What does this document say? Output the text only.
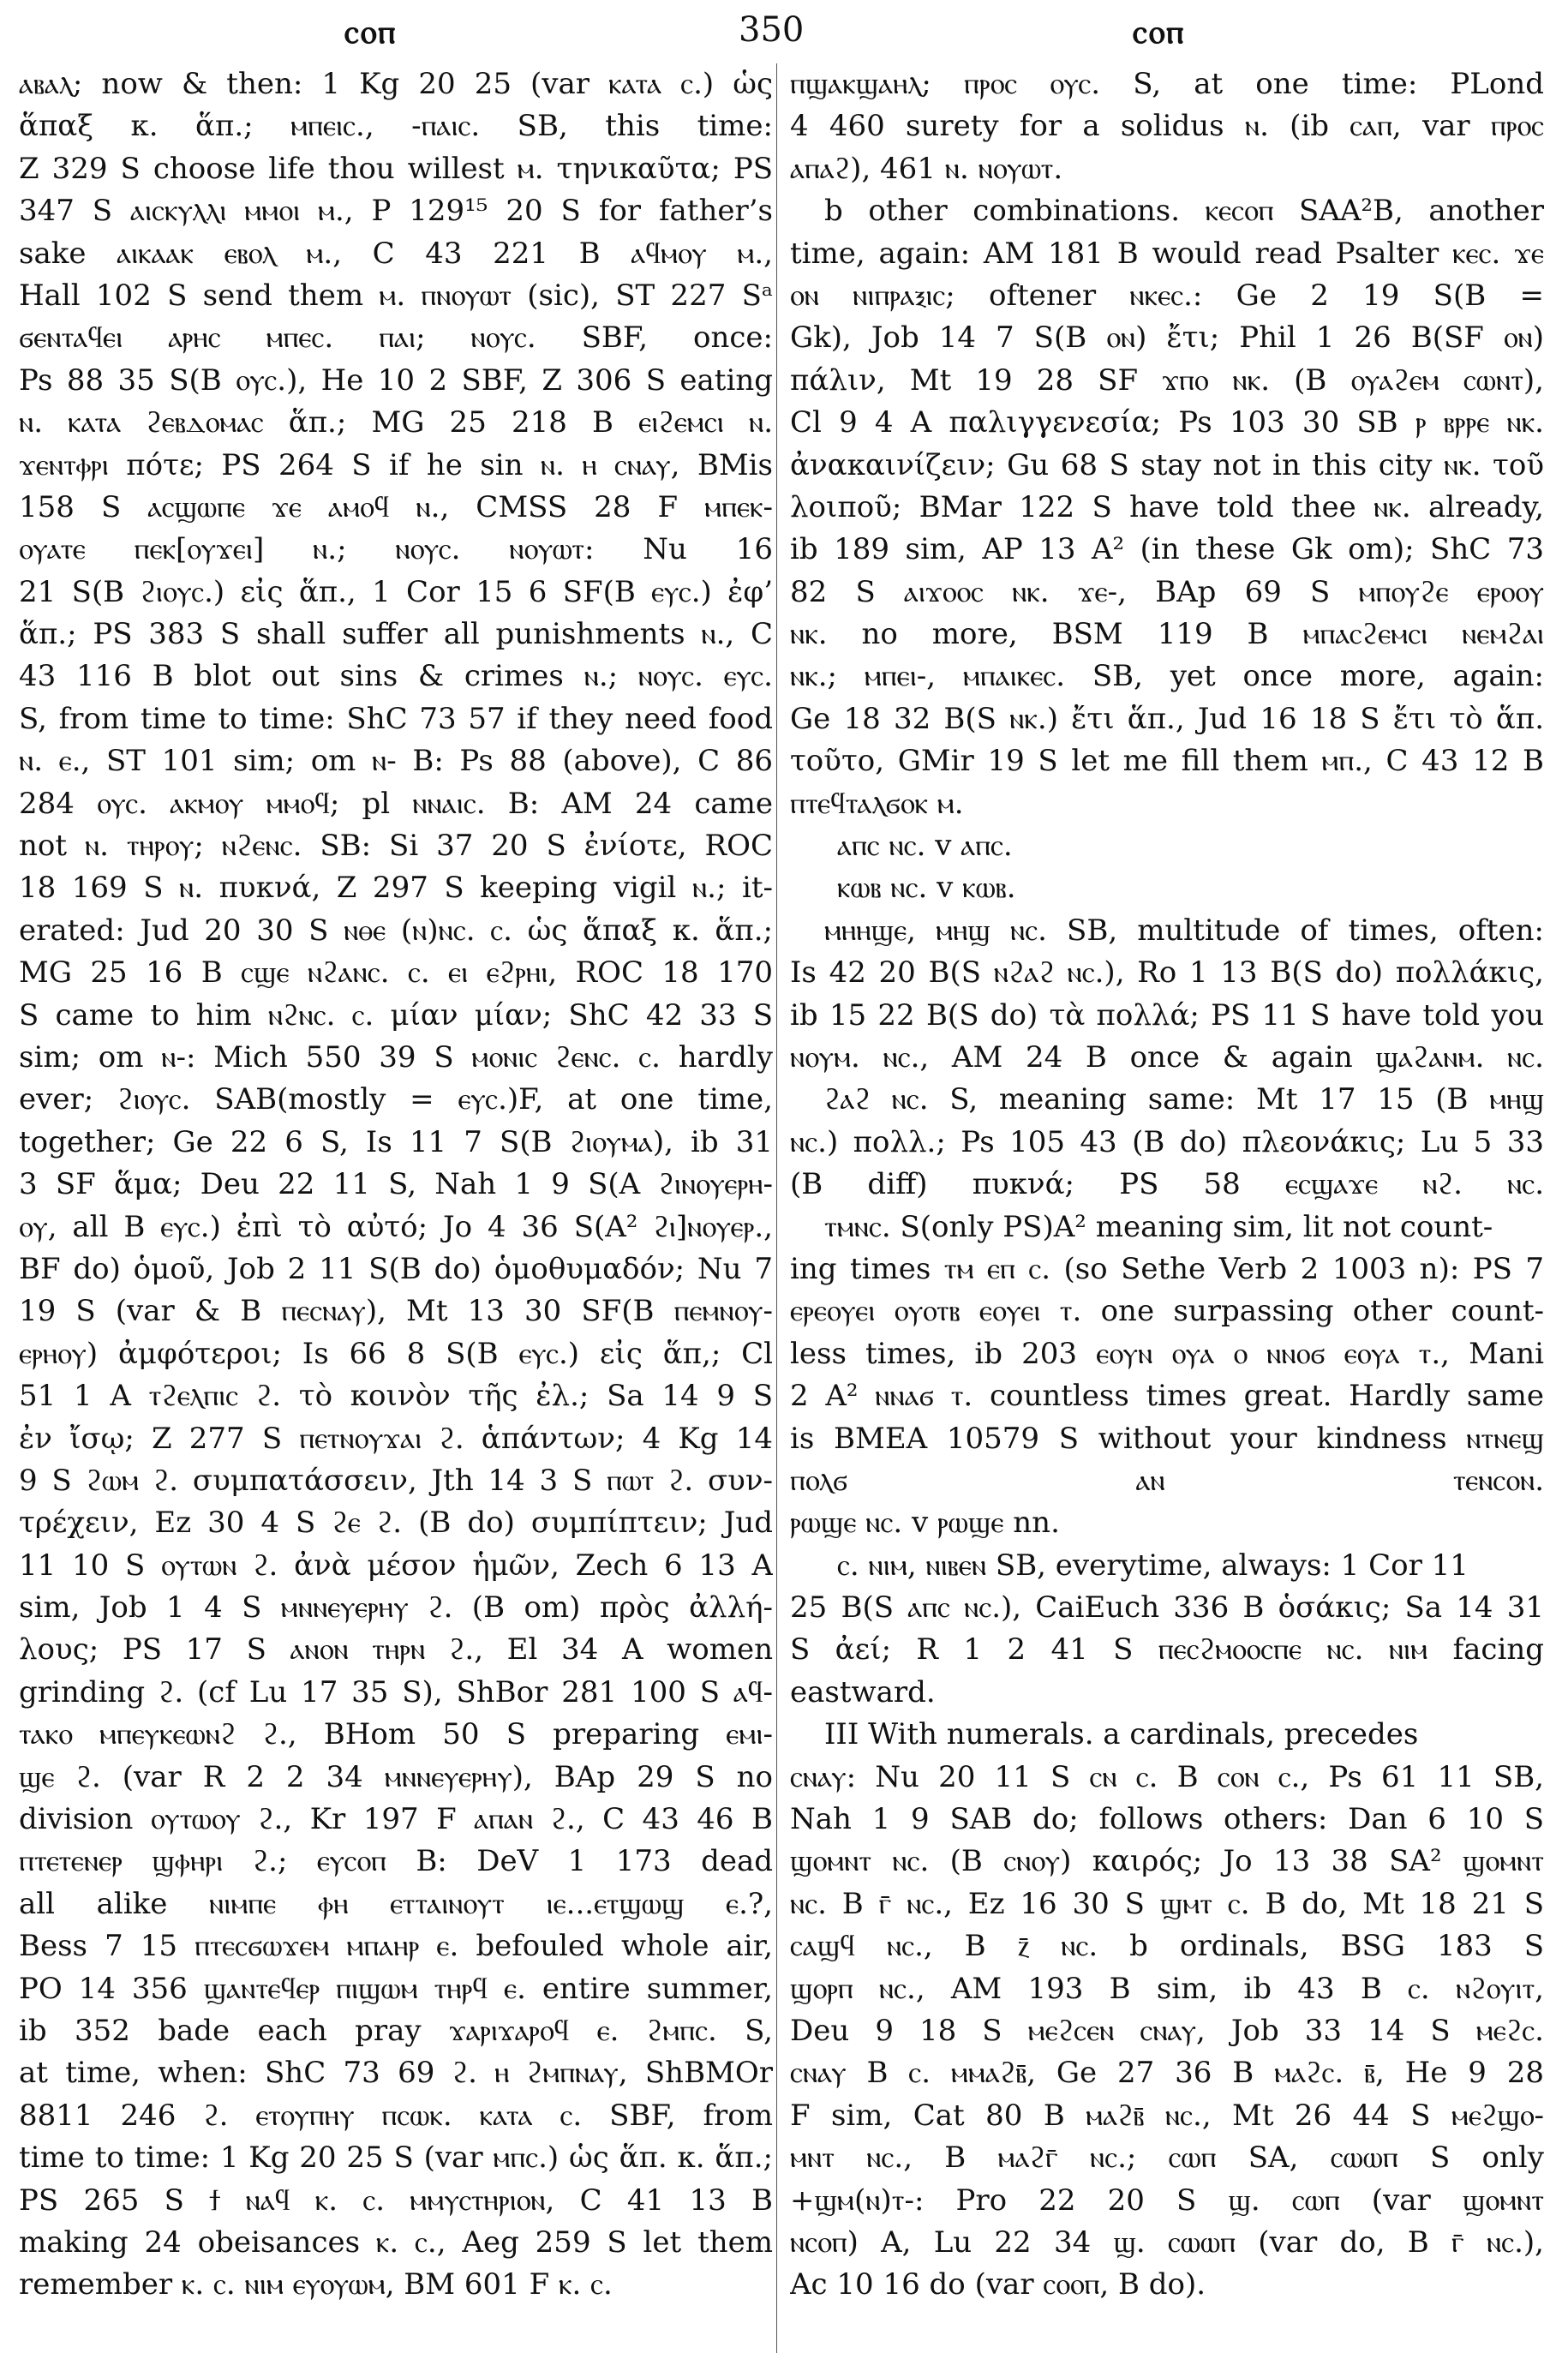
ⲥⲟⲡ	350	ⲥⲟⲡ

ⲁⲃⲁⲗ; now & then: 1 Kg 20 25 (var ⲕⲁⲧⲁ ⲥ.) ὡς

ἅπαξ κ. ἅπ.; ⲙⲡⲉⲓⲥ., -ⲡⲁⲓⲥ. SB, this time:

Z 329 S choose life thou willest ⲙ. τηνικαῦτα; PS

347 S ⲁⲓⲥⲕⲩⲗⲗⲓ ⲙⲙⲟⲓ ⲙ., P 129¹⁵ 20 S for father’s

sake ⲁⲓⲕⲁⲁⲕ ⲉⲃⲟⲗ ⲙ., C 43 221 B ⲁϥⲙⲟⲩ ⲙ.,

Hall 102 S send them ⲙ. ⲡⲛⲟⲩⲱⲧ (sic), ST 227 Sᵃ

ϭⲉⲛⲧⲁϥⲉⲓ ⲁⲣⲏⲥ ⲙⲡⲉⲥ. ⲡⲁⲓ; ⲛⲟⲩⲥ. SBF, once:

Ps 88 35 S(B ⲟⲩⲥ.), He 10 2 SBF, Z 306 S eating

ⲛ. ⲕⲁⲧⲁ ϩⲉⲃⲇⲟⲙⲁⲥ ἅπ.; MG 25 218 B ⲉⲓϩⲉⲙⲥⲓ ⲛ.

ϫⲉⲛⲧⲫⲣⲓ πότε; PS 264 S if he sin ⲛ. ⲏ ⲥⲛⲁⲩ, BMis

158 S ⲁⲥϣⲱⲡⲉ ϫⲉ ⲁⲙⲟϥ ⲛ., CMSS 28 F ⲙⲡⲉⲕ-

ⲟⲩⲁⲧⲉ ⲡⲉⲕ[ⲟⲩϫⲉⲓ] ⲛ.; ⲛⲟⲩⲥ. ⲛⲟⲩⲱⲧ: Nu 16

21 S(B ϩⲓⲟⲩⲥ.) εἰς ἅπ., 1 Cor 15 6 SF(B ⲉⲩⲥ.) ἐφ’

ἅπ.; PS 383 S shall suffer all punishments ⲛ., C

43 116 B blot out sins & crimes ⲛ.; ⲛⲟⲩⲥ. ⲉⲩⲥ.

S, from time to time: ShC 73 57 if they need food

ⲛ. ⲉ., ST 101 sim; om ⲛ- B: Ps 88 (above), C 86

284 ⲟⲩⲥ. ⲁⲕⲙⲟⲩ ⲙⲙⲟϥ; pl ⲛⲛⲁⲓⲥ. B: AM 24 came

not ⲛ. ⲧⲏⲣⲟⲩ; ⲛϩⲉⲛⲥ. SB: Si 37 20 S ἐνίοτε, ROC

18 169 S ⲛ. πυκνά, Z 297 S keeping vigil ⲛ.; it-

erated: Jud 20 30 S ⲛⲑⲉ (ⲛ)ⲛⲥ. ⲥ. ὡς ἅπαξ κ. ἅπ.;

MG 25 16 B ⲥϣⲉ ⲛϩⲁⲛⲥ. ⲥ. ⲉⲓ ⲉϩⲣⲏⲓ, ROC 18 170

S came to him ⲛϩⲛⲥ. ⲥ. μίαν μίαν; ShC 42 33 S

sim; om ⲛ-: Mich 550 39 S ⲙⲟⲛⲓⲥ ϩⲉⲛⲥ. ⲥ. hardly

ever; ϩⲓⲟⲩⲥ. SAB(mostly = ⲉⲩⲥ.)F, at one time,

together; Ge 22 6 S, Is 11 7 S(B ϩⲓⲟⲩⲙⲁ), ib 31

3 SF ἅμα; Deu 22 11 S, Nah 1 9 S(A ϩⲓⲛⲟⲩⲉⲣⲏ-

ⲟⲩ, all B ⲉⲩⲥ.) ἐπὶ τὸ αὐτό; Jo 4 36 S(A² ϩⲓ]ⲛⲟⲩⲉⲣ.,

BF do) ὁμοῦ, Job 2 11 S(B do) ὁμοθυμαδόν; Nu 7

19 S (var & B ⲡⲉⲥⲛⲁⲩ), Mt 13 30 SF(B ⲡⲉⲙⲛⲟⲩ-

ⲉⲣⲏⲟⲩ) ἀμφότεροι; Is 66 8 S(B ⲉⲩⲥ.) εἰς ἅπ,; Cl

51 1 A ⲧϩⲉⲗⲡⲓⲥ ϩ. τὸ κοινὸν τῆς ἐλ.; Sa 14 9 S

ἐν ἴσῳ; Z 277 S ⲡⲉⲧⲛⲟⲩϫⲁⲓ ϩ. ἁπάντων; 4 Kg 14

9 S ϩⲱⲙ ϩ. συμπατάσσειν, Jth 14 3 S ⲡⲱⲧ ϩ. συν-

τρέχειν, Ez 30 4 S ϩⲉ ϩ. (B do) συμπίπτειν; Jud

11 10 S ⲟⲩⲧⲱⲛ ϩ. ἀνὰ μέσον ἡμῶν, Zech 6 13 A

sim, Job 1 4 S ⲙⲛⲛⲉⲩⲉⲣⲏⲩ ϩ. (B om) πρὸς ἀλλή-

λους; PS 17 S ⲁⲛⲟⲛ ⲧⲏⲣⲛ ϩ., El 34 A women

grinding ϩ. (cf Lu 17 35 S), ShBor 281 100 S ⲁϥ-

ⲧⲁⲕⲟ ⲙⲡⲉⲩⲕⲉⲱⲛϩ ϩ., BHom 50 S preparing ⲉⲙⲓ-

ϣⲉ ϩ. (var R 2 2 34 ⲙⲛⲛⲉⲩⲉⲣⲏⲩ), BAp 29 S no

division ⲟⲩⲧⲱⲟⲩ ϩ., Kr 197 F ⲁⲡⲁⲛ ϩ., C 43 46 B

ⲡⲧⲉⲧⲉⲛⲉⲣ ϣⲫⲏⲣⲓ ϩ.; ⲉⲩⲥⲟⲡ B: DeV 1 173 dead

all alike ⲛⲓⲙⲡⲉ ⲫⲏ ⲉⲧⲧⲁⲓⲛⲟⲩⲧ ⲓⲉ...ⲉⲧϣⲱϣ ⲉ.?,

Bess 7 15 ⲡⲧⲉⲥϭⲱϫⲉⲙ ⲙⲡⲁⲏⲣ ⲉ. befouled whole air,

PO 14 356 ϣⲁⲛⲧⲉϥⲉⲣ ⲡⲓϣⲱⲙ ⲧⲏⲣϥ ⲉ. entire summer,

ib 352 bade each pray ϫⲁⲣⲓϫⲁⲣⲟϥ ⲉ. ϩⲙⲡⲥ. S,

at time, when: ShC 73 69 ϩ. ⲏ ϩⲙⲡⲛⲁⲩ, ShBMOr

8811 246 ϩ. ⲉⲧⲟⲩⲡⲏⲩ ⲡⲥⲱⲕ. ⲕⲁⲧⲁ ⲥ. SBF, from

time to time: 1 Kg 20 25 S (var ⲙⲡⲥ.) ὡς ἅπ. κ. ἅπ.;

PS 265 S ϯ ⲛⲁϥ ⲕ. ⲥ. ⲙⲙⲩⲥⲧⲏⲣⲓⲟⲛ, C 41 13 B

making 24 obeisances ⲕ. ⲥ., Aeg 259 S let them

remember ⲕ. ⲥ. ⲛⲓⲙ ⲉⲩⲟⲩⲱⲙ, BM 601 F ⲕ. ⲥ.

ⲡϣⲁⲕϣⲁⲏⲗ; ⲡⲣⲟⲥ ⲟⲩⲥ. S, at one time: PLond

4 460 surety for a solidus ⲛ. (ib ⲥⲁⲡ, var ⲡⲣⲟⲥ

ⲁⲡⲁϩ), 461 ⲛ. ⲛⲟⲩⲱⲧ.

b other combinations. ⲕⲉⲥⲟⲡ SAA²B, another

time, again: AM 181 B would read Psalter ⲕⲉⲥ. ϫⲉ

ⲟⲛ ⲛⲓⲡⲣⲁⲝⲓⲥ; oftener ⲛⲕⲉⲥ.: Ge 2 19 S(B =

Gk), Job 14 7 S(B ⲟⲛ) ἔτι; Phil 1 26 B(SF ⲟⲛ)

πάλιν, Mt 19 28 SF ϫⲡⲟ ⲛⲕ. (B ⲟⲩⲁϩⲉⲙ ⲥⲱⲛⲧ),

Cl 9 4 A παλιγγενεσία; Ps 103 30 SB ⲣ ⲃⲣⲣⲉ ⲛⲕ.

ἀνακαινίζειν; Gu 68 S stay not in this city ⲛⲕ. τοῦ

λοιποῦ; BMar 122 S have told thee ⲛⲕ. already,

ib 189 sim, AP 13 A² (in these Gk om); ShC 73

82 S ⲁⲓϫⲟⲟⲥ ⲛⲕ. ϫⲉ-, BAp 69 S ⲙⲡⲟⲩϩⲉ ⲉⲣⲟⲟⲩ

ⲛⲕ. no more, BSM 119 B ⲙⲡⲁⲥϩⲉⲙⲥⲓ ⲛⲉⲙϩⲁⲓ

ⲛⲕ.; ⲙⲡⲉⲓ-, ⲙⲡⲁⲓⲕⲉⲥ. SB, yet once more, again:

Ge 18 32 B(S ⲛⲕ.) ἔτι ἅπ., Jud 16 18 S ἔτι τὸ ἅπ.

τοῦτο, GMir 19 S let me fill them ⲙⲡ., C 43 12 B

ⲡⲧⲉϥⲧⲁⲗϭⲟⲕ ⲙ.

ⲁⲡⲥ ⲛⲥ. v ⲁⲡⲥ.

ⲕⲱⲃ ⲛⲥ. v ⲕⲱⲃ.

ⲙⲏⲏϣⲉ, ⲙⲏϣ ⲛⲥ. SB, multitude of times, often:

Is 42 20 B(S ⲛϩⲁϩ ⲛⲥ.), Ro 1 13 B(S do) πολλάκις,

ib 15 22 B(S do) τὰ πολλά; PS 11 S have told you

ⲛⲟⲩⲙ. ⲛⲥ., AM 24 B once & again ϣⲁϩⲁⲛⲙ. ⲛⲥ.

ϩⲁϩ ⲛⲥ. S, meaning same: Mt 17 15 (B ⲙⲏϣ

ⲛⲥ.) πολλ.; Ps 105 43 (B do) πλεονάκις; Lu 5 33

(B diff) πυκνά; PS 58 ⲉⲥϣⲁϫⲉ ⲛϩ. ⲛⲥ.

ⲧⲙⲛⲥ. S(only PS)A² meaning sim, lit not count-

ing times ⲧⲙ ⲉⲡ ⲥ. (so Sethe Verb 2 1003 n): PS 7

ⲉⲣⲉⲟⲩⲉⲓ ⲟⲩⲟⲧⲃ ⲉⲟⲩⲉⲓ ⲧ. one surpassing other count-

less times, ib 203 ⲉⲟⲩⲛ ⲟⲩⲁ ⲟ ⲛⲛⲟϭ ⲉⲟⲩⲁ ⲧ., Mani

2 A² ⲛⲛⲁϭ ⲧ. countless times great. Hardly same

is BMEA 10579 S without your kindness ⲛⲧⲛⲉϣ

ⲡⲟⲗϭ ⲁⲛ ⲧⲉⲛⲥⲟⲛ.

ⲣⲱϣⲉ ⲛⲥ. v ⲣⲱϣⲉ nn.

ⲥ. ⲛⲓⲙ, ⲛⲓⲃⲉⲛ SB, everytime, always: 1 Cor 11

25 B(S ⲁⲡⲥ ⲛⲥ.), CaiEuch 336 B ὁσάκις; Sa 14 31

S ἀεί; R 1 2 41 S ⲡⲉⲥϩⲙⲟⲟⲥⲡⲉ ⲛⲥ. ⲛⲓⲙ facing

eastward.

III With numerals. a cardinals, precedes

ⲥⲛⲁⲩ: Nu 20 11 S ⲥⲛ ⲥ. B ⲥⲟⲛ ⲥ., Ps 61 11 SB,

Nah 1 9 SAB do; follows others: Dan 6 10 S

ϣⲟⲙⲛⲧ ⲛⲥ. (B ⲥⲛⲟⲩ) καιρός; Jo 13 38 SA² ϣⲟⲙⲛⲧ

ⲛⲥ. B ⲅ̄ ⲛⲥ., Ez 16 30 S ϣⲙⲧ ⲥ. B do, Mt 18 21 S

ⲥⲁϣϥ ⲛⲥ., B ⲍ̄ ⲛⲥ. b ordinals, BSG 183 S

ϣⲟⲣⲡ ⲛⲥ., AM 193 B sim, ib 43 B ⲥ. ⲛϩⲟⲩⲓⲧ,

Deu 9 18 S ⲙⲉϩⲥⲉⲛ ⲥⲛⲁⲩ, Job 33 14 S ⲙⲉϩⲥ.

ⲥⲛⲁⲩ B ⲥ. ⲙⲙⲁϩⲃ̄, Ge 27 36 B ⲙⲁϩⲥ. ⲃ̄, He 9 28

F sim, Cat 80 B ⲙⲁϩⲃ̄ ⲛⲥ., Mt 26 44 S ⲙⲉϩϣⲟ-

ⲙⲛⲧ ⲛⲥ., B ⲙⲁϩⲅ̄ ⲛⲥ.; ⲥⲱⲡ SA, ⲥⲱⲱⲡ S only

+ϣⲙ(ⲛ)ⲧ-: Pro 22 20 S ϣ. ⲥⲱⲡ (var ϣⲟⲙⲛⲧ

ⲛⲥⲟⲡ) A, Lu 22 34 ϣ. ⲥⲱⲱⲡ (var do, B ⲅ̄ ⲛⲥ.),

Ac 10 16 do (var ⲥⲟⲟⲡ, B do).
